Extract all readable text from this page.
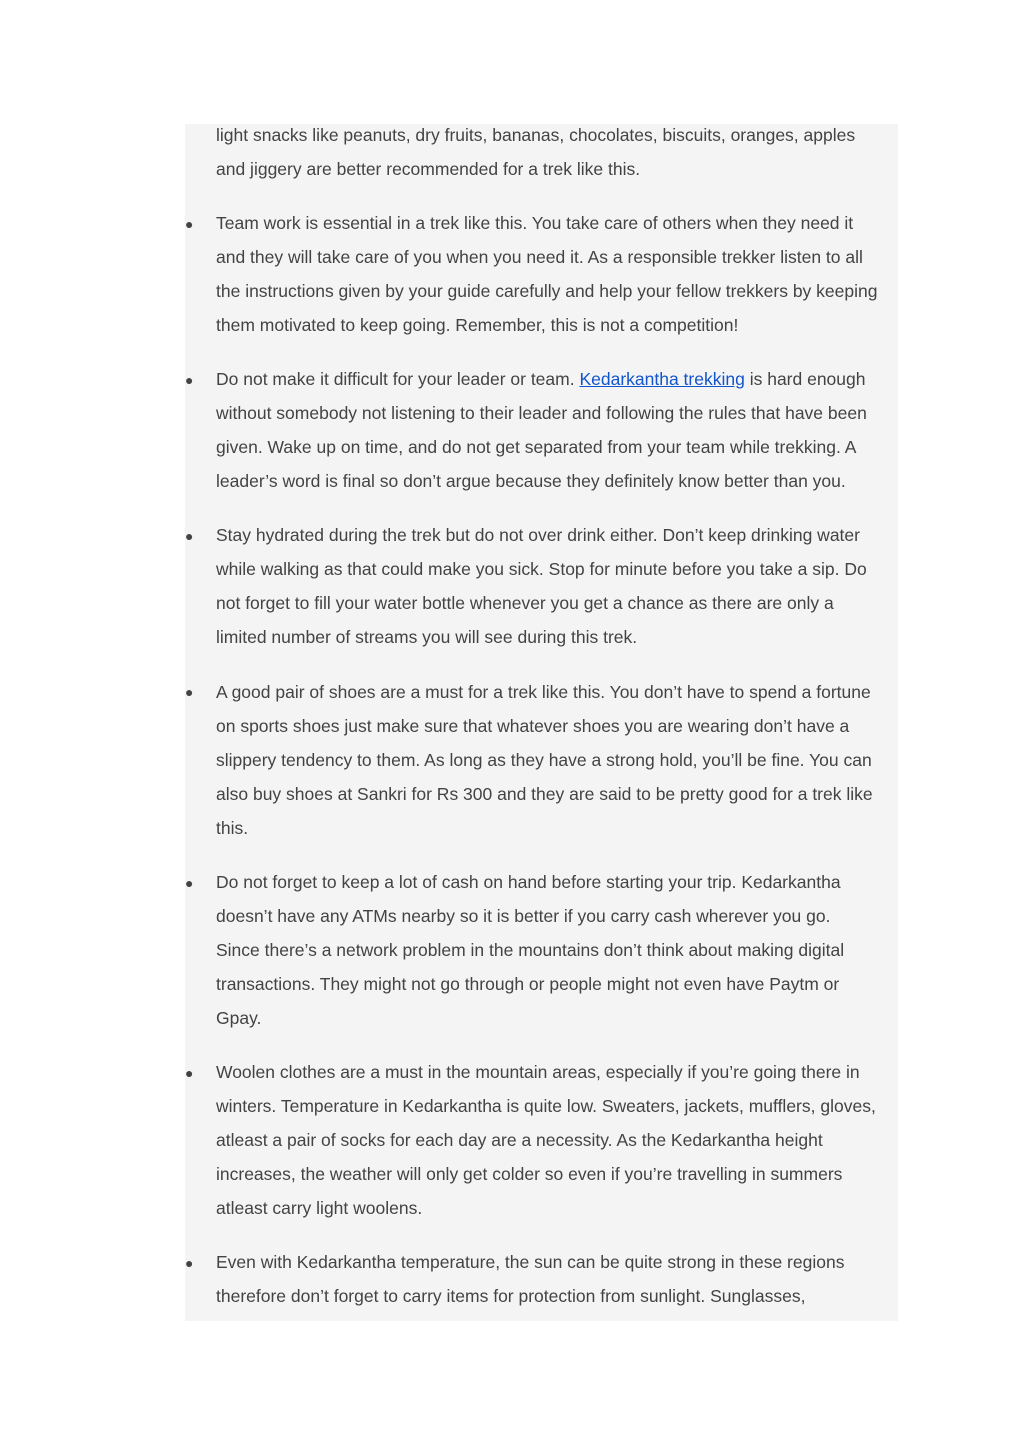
light snacks like peanuts, dry fruits, bananas, chocolates, biscuits, oranges, apples
and jiggery are better recommended for a trek like this.
● Team work is essential in a trek like this. You take care of others when they need it
and they will take care of you when you need it. As a responsible trekker listen to all
the instructions given by your guide carefully and help your fellow trekkers by keeping
them motivated to keep going. Remember, this is not a competition!
● Do not make it difficult for your leader or team. Kedarkantha trekking is hard enough
without somebody not listening to their leader and following the rules that have been
given. Wake up on time, and do not get separated from your team while trekking. A
leader’s word is final so don’t argue because they definitely know better than you.
● Stay hydrated during the trek but do not over drink either. Don’t keep drinking water
while walking as that could make you sick. Stop for minute before you take a sip. Do
not forget to fill your water bottle whenever you get a chance as there are only a
limited number of streams you will see during this trek.
● A good pair of shoes are a must for a trek like this. You don’t have to spend a fortune
on sports shoes just make sure that whatever shoes you are wearing don’t have a
slippery tendency to them. As long as they have a strong hold, you’ll be fine. You can
also buy shoes at Sankri for Rs 300 and they are said to be pretty good for a trek like
this.
● Do not forget to keep a lot of cash on hand before starting your trip. Kedarkantha
doesn’t have any ATMs nearby so it is better if you carry cash wherever you go.
Since there’s a network problem in the mountains don’t think about making digital
transactions. They might not go through or people might not even have Paytm or
Gpay.
● Woolen clothes are a must in the mountain areas, especially if you’re going there in
winters. Temperature in Kedarkantha is quite low. Sweaters, jackets, mufflers, gloves,
atleast a pair of socks for each day are a necessity. As the Kedarkantha height
increases, the weather will only get colder so even if you’re travelling in summers
atleast carry light woolens.
● Even with Kedarkantha temperature, the sun can be quite strong in these regions
therefore don’t forget to carry items for protection from sunlight. Sunglasses,
